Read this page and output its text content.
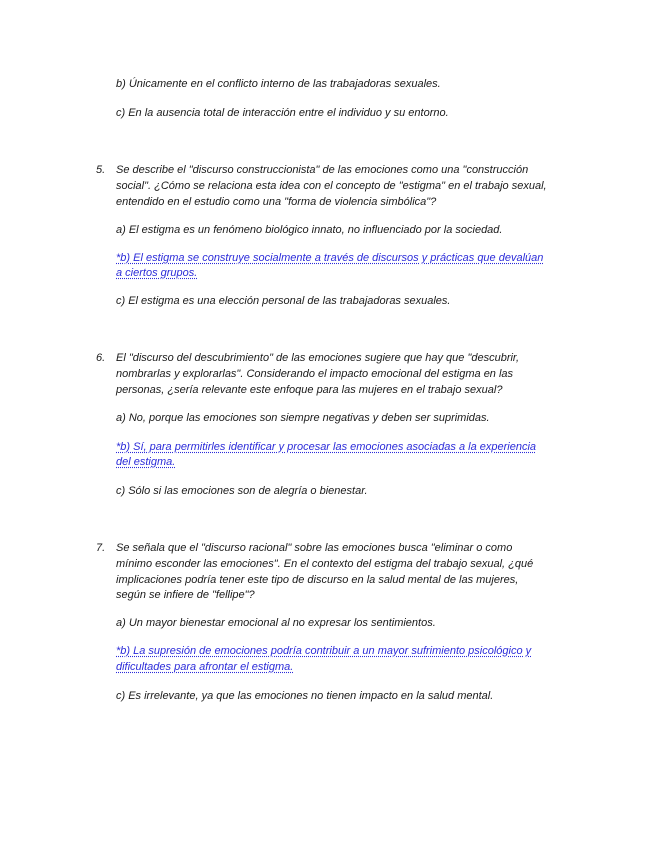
b) Únicamente en el conflicto interno de las trabajadoras sexuales.
c) En la ausencia total de interacción entre el individuo y su entorno.
5. Se describe el "discurso construccionista" de las emociones como una "construcción
social". ¿Cómo se relaciona esta idea con el concepto de "estigma" en el trabajo sexual,
entendido en el estudio como una "forma de violencia simbólica"?
a) El estigma es un fenómeno biológico innato, no influenciado por la sociedad.
*b) El estigma se construye socialmente a través de discursos y prácticas que devalúan
a ciertos grupos.
c) El estigma es una elección personal de las trabajadoras sexuales.
6. El "discurso del descubrimiento" de las emociones sugiere que hay que "descubrir,
nombrarlas y explorarlas". Considerando el impacto emocional del estigma en las
personas, ¿sería relevante este enfoque para las mujeres en el trabajo sexual?
a) No, porque las emociones son siempre negativas y deben ser suprimidas.
*b) Sí, para permitirles identificar y procesar las emociones asociadas a la experiencia
del estigma.
c) Sólo si las emociones son de alegría o bienestar.
7. Se señala que el "discurso racional" sobre las emociones busca "eliminar o como
mínimo esconder las emociones". En el contexto del estigma del trabajo sexual, ¿qué
implicaciones podría tener este tipo de discurso en la salud mental de las mujeres,
según se infiere de "fellipe"?
a) Un mayor bienestar emocional al no expresar los sentimientos.
*b) La supresión de emociones podría contribuir a un mayor sufrimiento psicológico y
dificultades para afrontar el estigma.
c) Es irrelevante, ya que las emociones no tienen impacto en la salud mental.
